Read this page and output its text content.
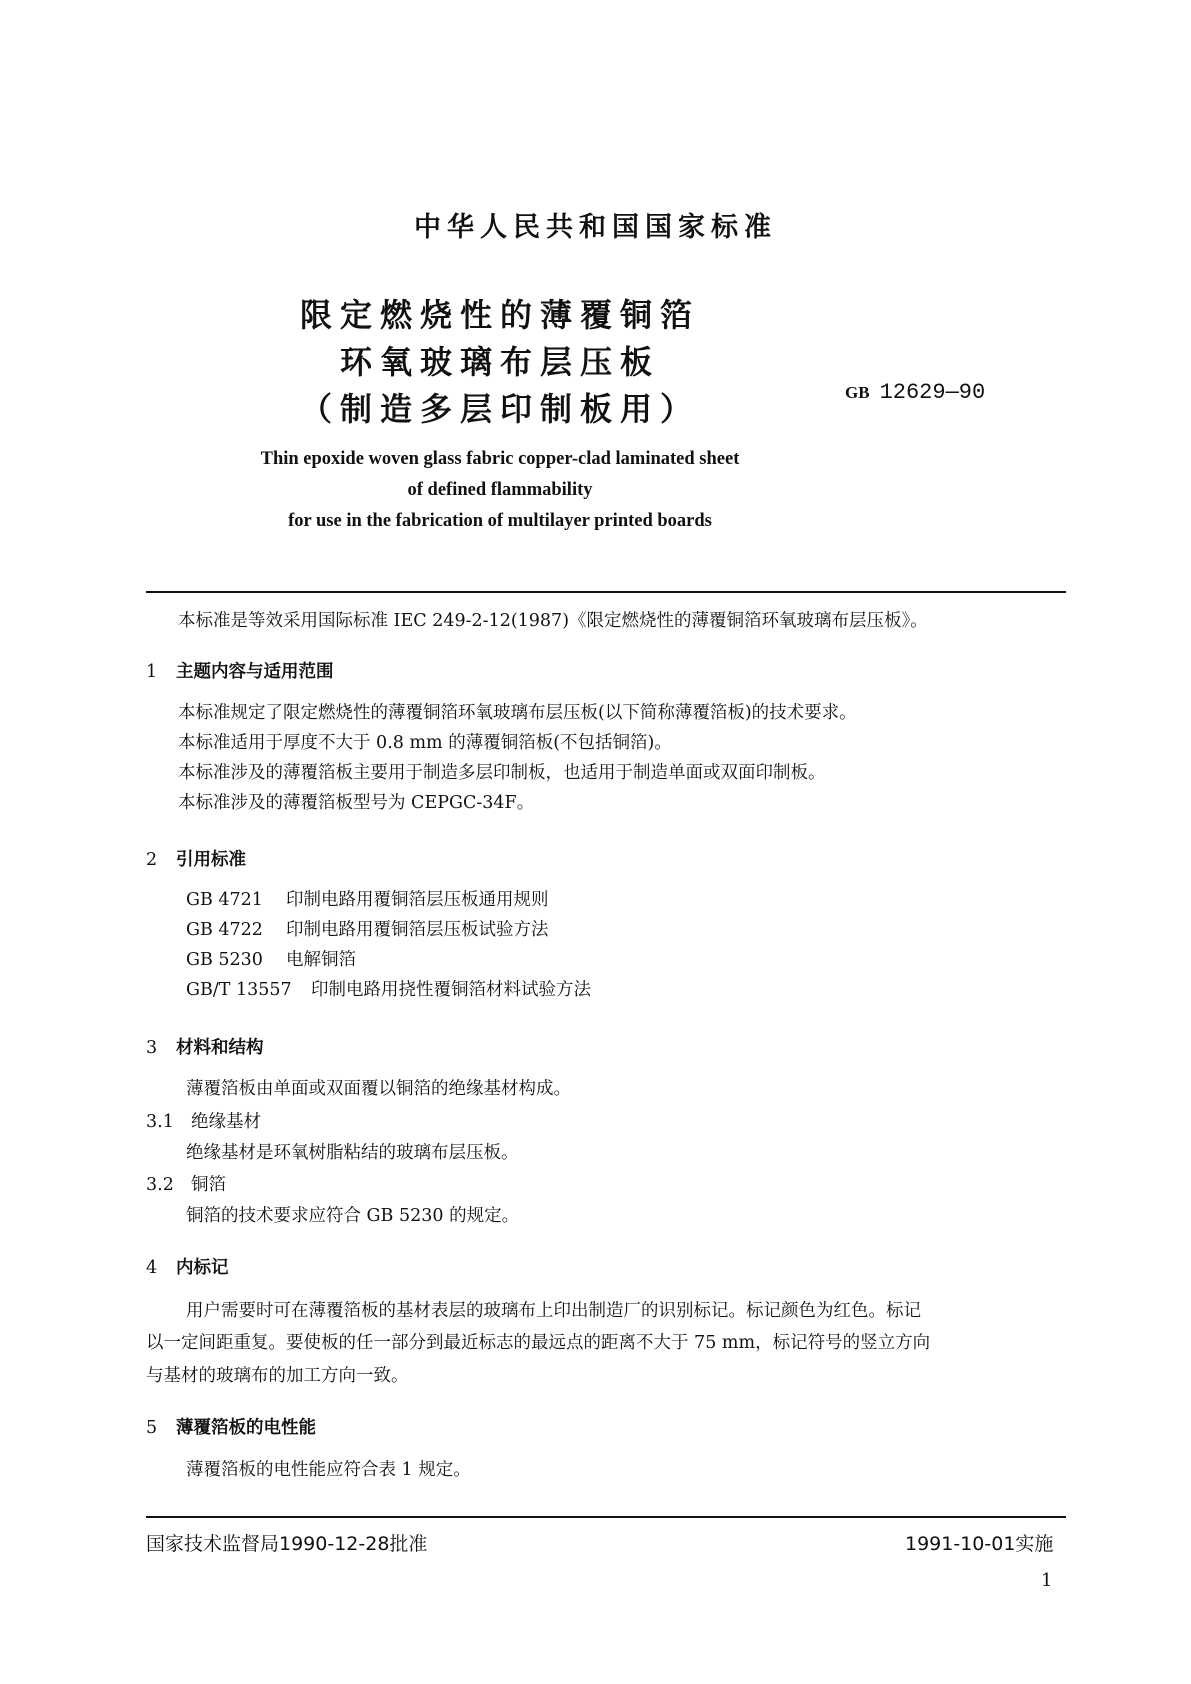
中华人民共和国国家标准
限定燃烧性的薄覆铜箔
环氧玻璃布层压板
（制造多层印制板用）	GB 12629—90
Thin epoxide woven glass fabric copper-clad laminated sheet
of defined flammability
for use in the fabrication of multilayer printed boards
本标准是等效采用国际标准 IEC 249-2-12(1987)《限定燃烧性的薄覆铜箔环氧玻璃布层压板》。
1 主题内容与适用范围
本标准规定了限定燃烧性的薄覆铜箔环氧玻璃布层压板(以下简称薄覆箔板)的技术要求。
本标准适用于厚度不大于 0.8 mm 的薄覆铜箔板(不包括铜箔)。
本标准涉及的薄覆箔板主要用于制造多层印制板，也适用于制造单面或双面印制板。
本标准涉及的薄覆箔板型号为 CEPGC-34F。
2 引用标准
GB 4721 印制电路用覆铜箔层压板通用规则
GB 4722 印制电路用覆铜箔层压板试验方法
GB 5230 电解铜箔
GB/T 13557 印制电路用挠性覆铜箔材料试验方法
3 材料和结构
薄覆箔板由单面或双面覆以铜箔的绝缘基材构成。
3.1 绝缘基材
绝缘基材是环氧树脂粘结的玻璃布层压板。
3.2 铜箔
铜箔的技术要求应符合 GB 5230 的规定。
4 内标记
用户需要时可在薄覆箔板的基材表层的玻璃布上印出制造厂的识别标记。标记颜色为红色。标记
以一定间距重复。要使板的任一部分到最近标志的最远点的距离不大于 75 mm，标记符号的竖立方向
与基材的玻璃布的加工方向一致。
5 薄覆箔板的电性能
薄覆箔板的电性能应符合表 1 规定。
国家技术监督局1990-12-28批准	1991-10-01实施
1
